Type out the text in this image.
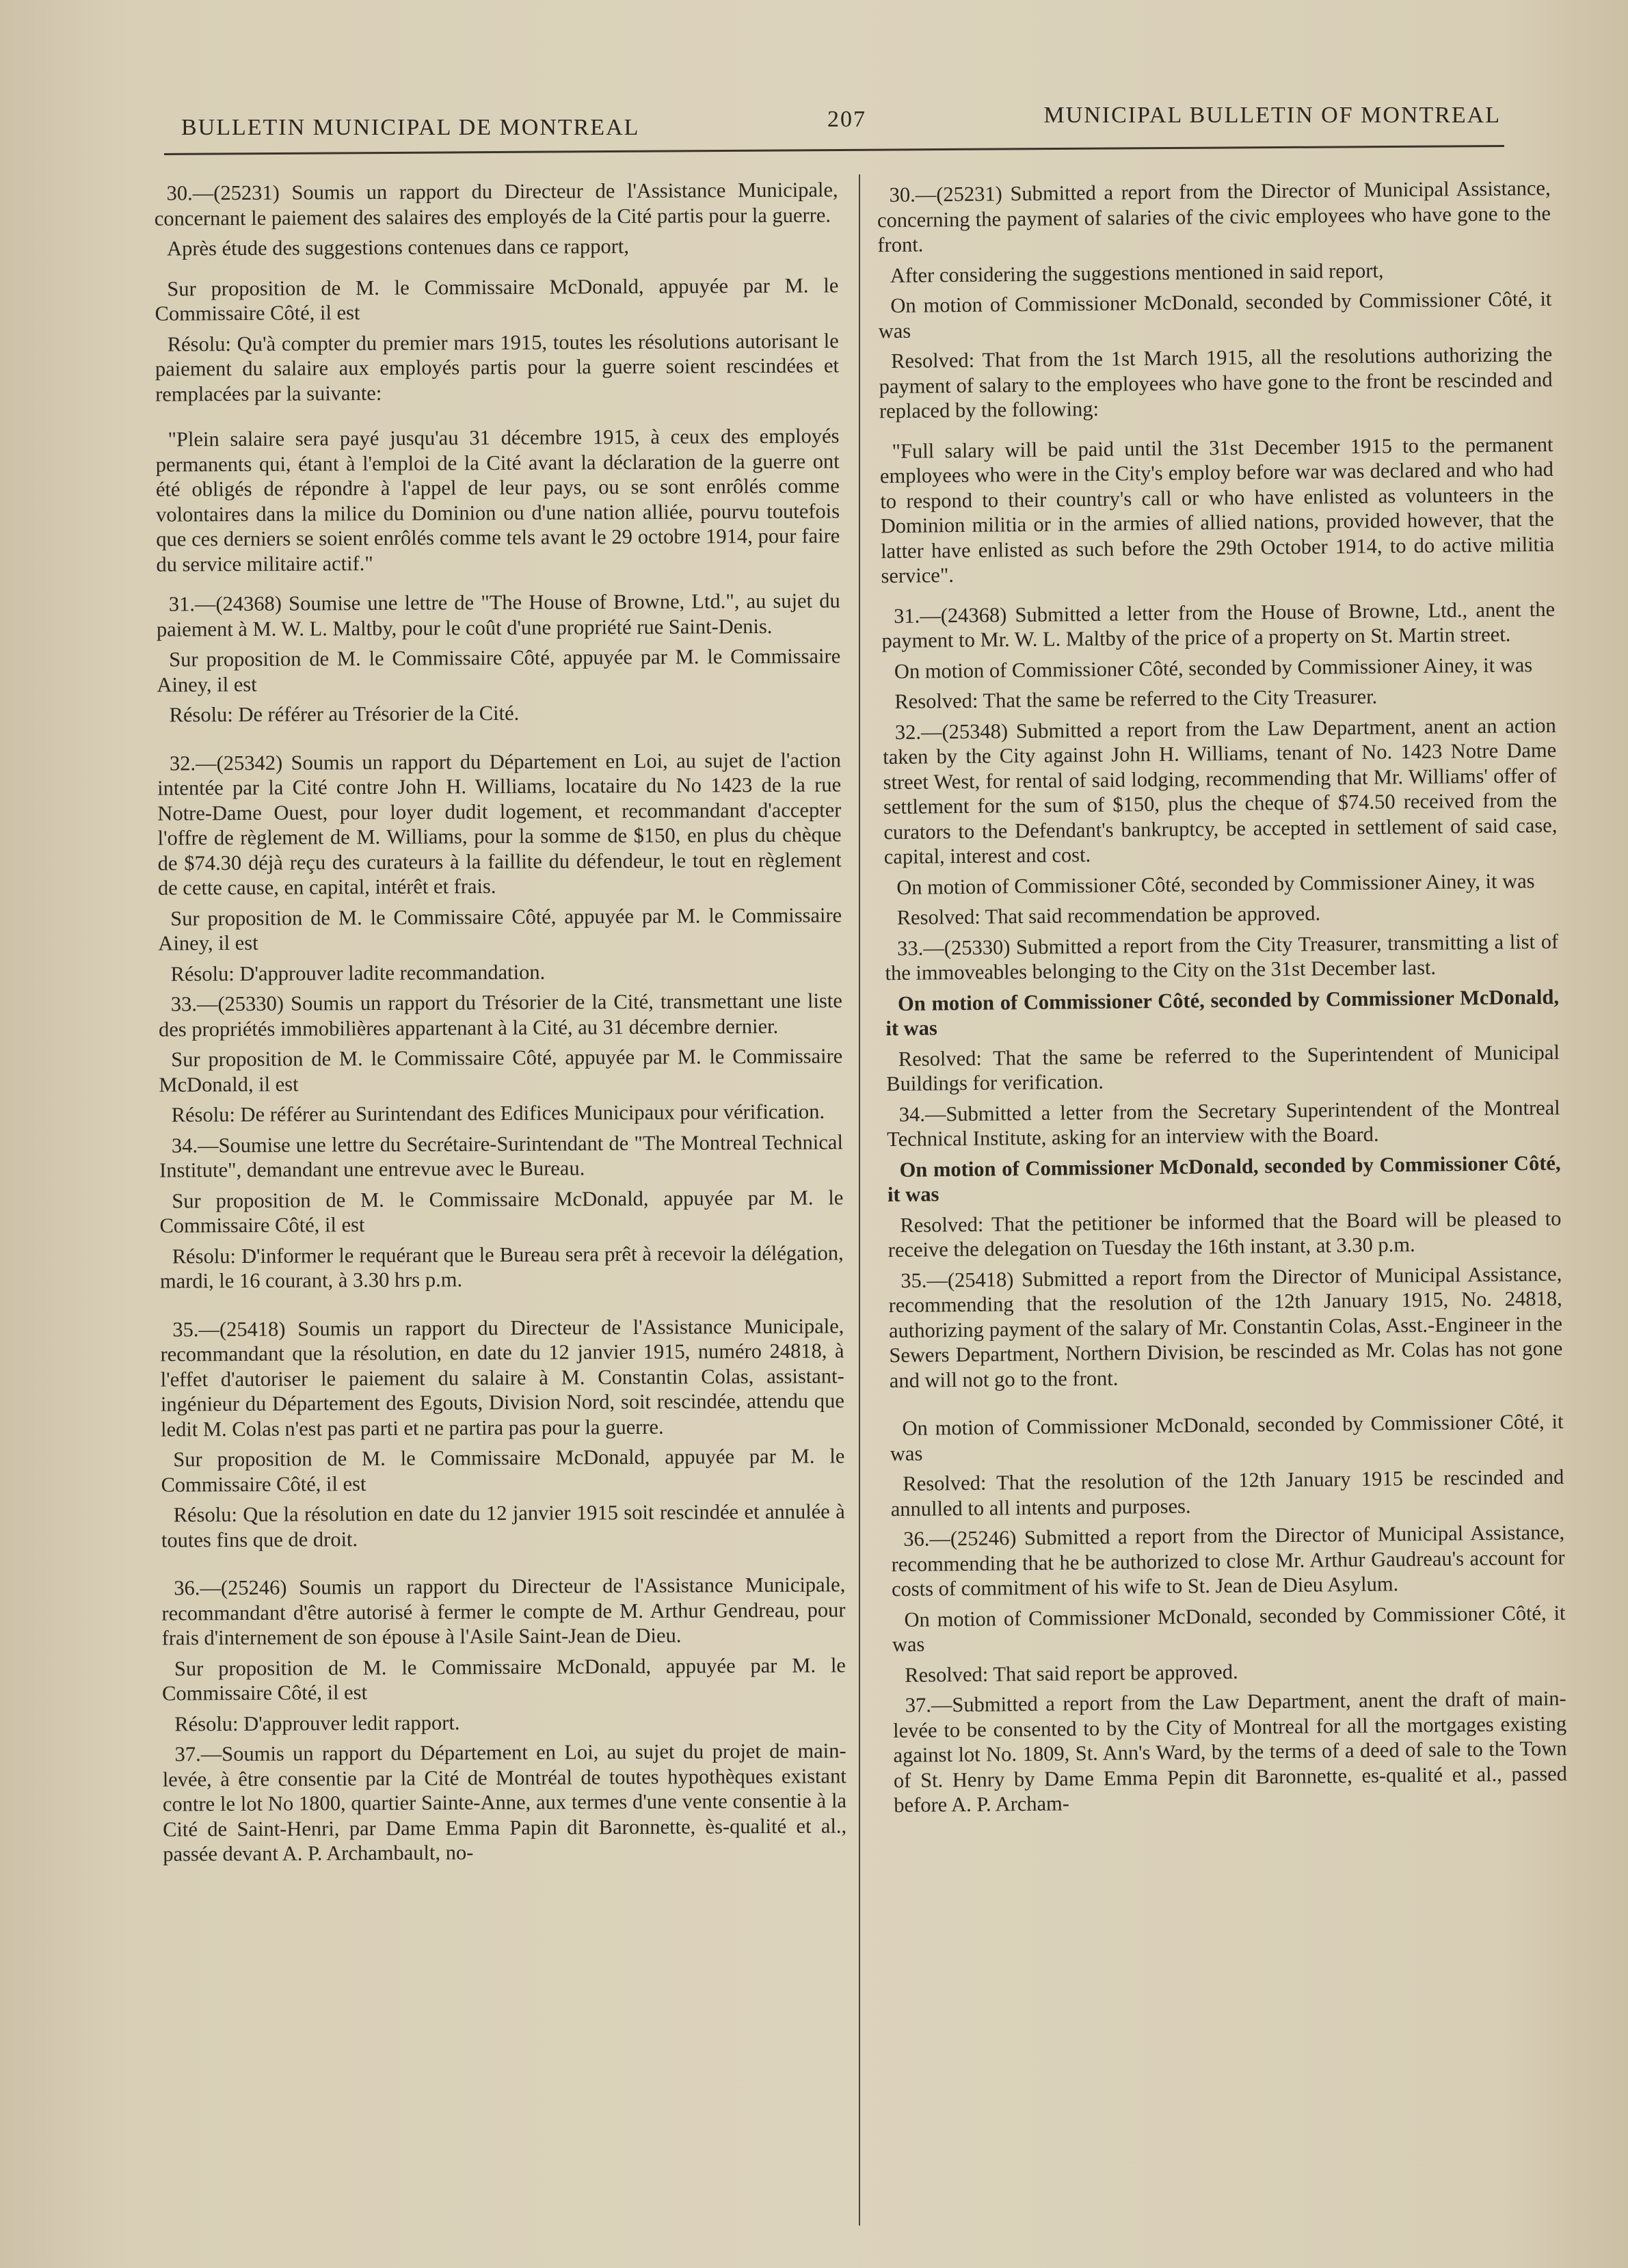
BULLETIN MUNICIPAL DE MONTREAL	207	MUNICIPAL BULLETIN OF MONTREAL

30.—(25231) Soumis un rapport du Directeur de l'Assistance Municipale, concernant le paiement des salaires des employés de la Cité partis pour la guerre.

Après étude des suggestions contenues dans ce rapport,

Sur proposition de M. le Commissaire McDonald, appuyée par M. le Commissaire Côté, il est

Résolu: Qu'à compter du premier mars 1915, toutes les résolutions autorisant le paiement du salaire aux employés partis pour la guerre soient rescindées et remplacées par la suivante:

"Plein salaire sera payé jusqu'au 31 décembre 1915, à ceux des employés permanents qui, étant à l'emploi de la Cité avant la déclaration de la guerre ont été obligés de répondre à l'appel de leur pays, ou se sont enrôlés comme volontaires dans la milice du Dominion ou d'une nation alliée, pourvu toutefois que ces derniers se soient enrôlés comme tels avant le 29 octobre 1914, pour faire du service militaire actif."

31.—(24368) Soumise une lettre de "The House of Browne, Ltd.", au sujet du paiement à M. W. L. Maltby, pour le coût d'une propriété rue Saint-Denis.

Sur proposition de M. le Commissaire Côté, appuyée par M. le Commissaire Ainey, il est

Résolu: De référer au Trésorier de la Cité.

32.—(25342) Soumis un rapport du Département en Loi, au sujet de l'action intentée par la Cité contre John H. Williams, locataire du No 1423 de la rue Notre-Dame Ouest, pour loyer dudit logement, et recommandant d'accepter l'offre de règlement de M. Williams, pour la somme de $150, en plus du chèque de $74.30 déjà reçu des curateurs à la faillite du défendeur, le tout en règlement de cette cause, en capital, intérêt et frais.

Sur proposition de M. le Commissaire Côté, appuyée par M. le Commissaire Ainey, il est

Résolu: D'approuver ladite recommandation.

33.—(25330) Soumis un rapport du Trésorier de la Cité, transmettant une liste des propriétés immobilières appartenant à la Cité, au 31 décembre dernier.

Sur proposition de M. le Commissaire Côté, appuyée par M. le Commissaire McDonald, il est

Résolu: De référer au Surintendant des Edifices Municipaux pour vérification.

34.—Soumise une lettre du Secrétaire-Surintendant de "The Montreal Technical Institute", demandant une entrevue avec le Bureau.

Sur proposition de M. le Commissaire McDonald, appuyée par M. le Commissaire Côté, il est

Résolu: D'informer le requérant que le Bureau sera prêt à recevoir la délégation, mardi, le 16 courant, à 3.30 hrs p.m.

35.—(25418) Soumis un rapport du Directeur de l'Assistance Municipale, recommandant que la résolution, en date du 12 janvier 1915, numéro 24818, à l'effet d'autoriser le paiement du salaire à M. Constantin Colas, assistant-ingénieur du Département des Egouts, Division Nord, soit rescindée, attendu que ledit M. Colas n'est pas parti et ne partira pas pour la guerre.

Sur proposition de M. le Commissaire McDonald, appuyée par M. le Commissaire Côté, il est

Résolu: Que la résolution en date du 12 janvier 1915 soit rescindée et annulée à toutes fins que de droit.

36.—(25246) Soumis un rapport du Directeur de l'Assistance Municipale, recommandant d'être autorisé à fermer le compte de M. Arthur Gendreau, pour frais d'internement de son épouse à l'Asile Saint-Jean de Dieu.

Sur proposition de M. le Commissaire McDonald, appuyée par M. le Commissaire Côté, il est

Résolu: D'approuver ledit rapport.

37.—Soumis un rapport du Département en Loi, au sujet du projet de main-levée, à être consentie par la Cité de Montréal de toutes hypothèques existant contre le lot No 1800, quartier Sainte-Anne, aux termes d'une vente consentie à la Cité de Saint-Henri, par Dame Emma Papin dit Baronnette, ès-qualité et al., passée devant A. P. Archambault, no-

30.—(25231) Submitted a report from the Director of Municipal Assistance, concerning the payment of salaries of the civic employees who have gone to the front.

After considering the suggestions mentioned in said report,

On motion of Commissioner McDonald, seconded by Commissioner Côté, it was

Resolved: That from the 1st March 1915, all the resolutions authorizing the payment of salary to the employees who have gone to the front be rescinded and replaced by the following:

"Full salary will be paid until the 31st December 1915 to the permanent employees who were in the City's employ before war was declared and who had to respond to their country's call or who have enlisted as volunteers in the Dominion militia or in the armies of allied nations, provided however, that the latter have enlisted as such before the 29th October 1914, to do active militia service".

31.—(24368) Submitted a letter from the House of Browne, Ltd., anent the payment to Mr. W. L. Maltby of the price of a property on St. Martin street.

On motion of Commissioner Côté, seconded by Commissioner Ainey, it was

Resolved: That the same be referred to the City Treasurer.

32.—(25348) Submitted a report from the Law Department, anent an action taken by the City against John H. Williams, tenant of No. 1423 Notre Dame street West, for rental of said lodging, recommending that Mr. Williams' offer of settlement for the sum of $150, plus the cheque of $74.50 received from the curators to the Defendant's bankruptcy, be accepted in settlement of said case, capital, interest and cost.

On motion of Commissioner Côté, seconded by Commissioner Ainey, it was

Resolved: That said recommendation be approved.

33.—(25330) Submitted a report from the City Treasurer, transmitting a list of the immoveables belonging to the City on the 31st December last.

On motion of Commissioner Côté, seconded by Commissioner McDonald, it was

Resolved: That the same be referred to the Superintendent of Municipal Buildings for verification.

34.—Submitted a letter from the Secretary Superintendent of the Montreal Technical Institute, asking for an interview with the Board.

On motion of Commissioner McDonald, seconded by Commissioner Côté, it was

Resolved: That the petitioner be informed that the Board will be pleased to receive the delegation on Tuesday the 16th instant, at 3.30 p.m.

35.—(25418) Submitted a report from the Director of Municipal Assistance, recommending that the resolution of the 12th January 1915, No. 24818, authorizing payment of the salary of Mr. Constantin Colas, Asst.-Engineer in the Sewers Department, Northern Division, be rescinded as Mr. Colas has not gone and will not go to the front.

On motion of Commissioner McDonald, seconded by Commissioner Côté, it was

Resolved: That the resolution of the 12th January 1915 be rescinded and annulled to all intents and purposes.

36.—(25246) Submitted a report from the Director of Municipal Assistance, recommending that he be authorized to close Mr. Arthur Gaudreau's account for costs of commitment of his wife to St. Jean de Dieu Asylum.

On motion of Commissioner McDonald, seconded by Commissioner Côté, it was

Resolved: That said report be approved.

37.—Submitted a report from the Law Department, anent the draft of main-levée to be consented to by the City of Montreal for all the mortgages existing against lot No. 1809, St. Ann's Ward, by the terms of a deed of sale to the Town of St. Henry by Dame Emma Pepin dit Baronnette, es-qualité et al., passed before A. P. Archam-
